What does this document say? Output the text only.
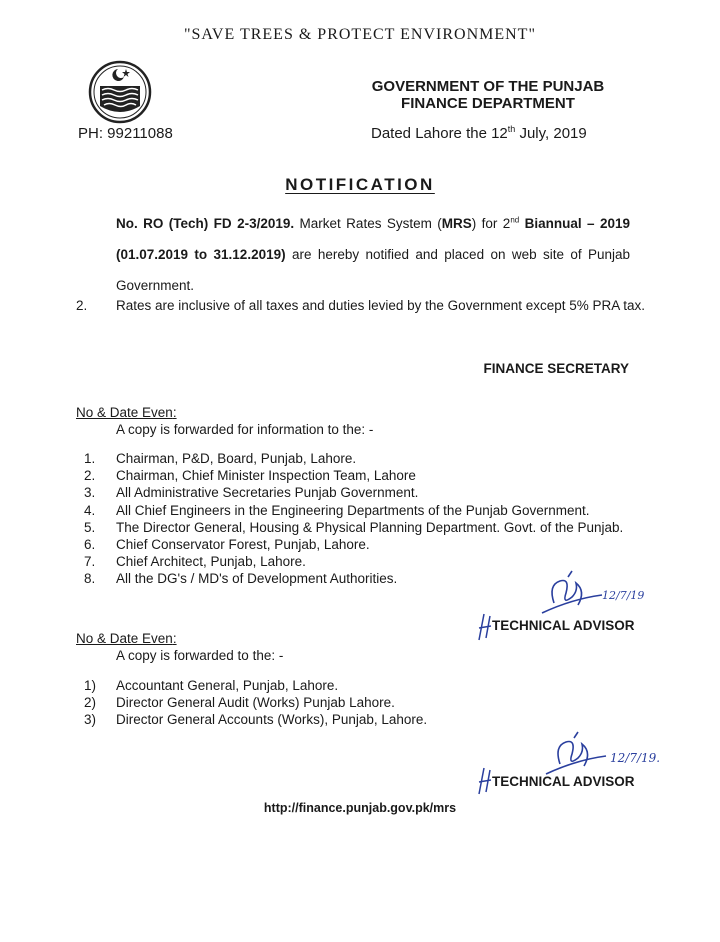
"SAVE TREES & PROTECT ENVIRONMENT"
PH: 99211088
GOVERNMENT OF THE PUNJAB
FINANCE DEPARTMENT
Dated Lahore the 12th July, 2019
NOTIFICATION
No. RO (Tech) FD 2-3/2019. Market Rates System (MRS) for 2nd Biannual – 2019 (01.07.2019 to 31.12.2019) are hereby notified and placed on web site of Punjab Government.
2. Rates are inclusive of all taxes and duties levied by the Government except 5% PRA tax.
FINANCE SECRETARY
No & Date Even:
A copy is forwarded for information to the: -
1.	Chairman, P&D, Board, Punjab, Lahore.
2.	Chairman, Chief Minister Inspection Team, Lahore
3.	All Administrative Secretaries Punjab Government.
4.	All Chief Engineers in the Engineering Departments of the Punjab Government.
5.	The Director General, Housing & Physical Planning Department. Govt. of the Punjab.
6.	Chief Conservator Forest, Punjab, Lahore.
7.	Chief Architect, Punjab, Lahore.
8.	All the DG's / MD's of Development Authorities.
12/7/19
TECHNICAL ADVISOR
No & Date Even:
A copy is forwarded to the: -
1)	Accountant General, Punjab, Lahore.
2)	Director General Audit (Works) Punjab Lahore.
3)	Director General Accounts (Works), Punjab, Lahore.
12/7/19.
TECHNICAL ADVISOR
http://finance.punjab.gov.pk/mrs
